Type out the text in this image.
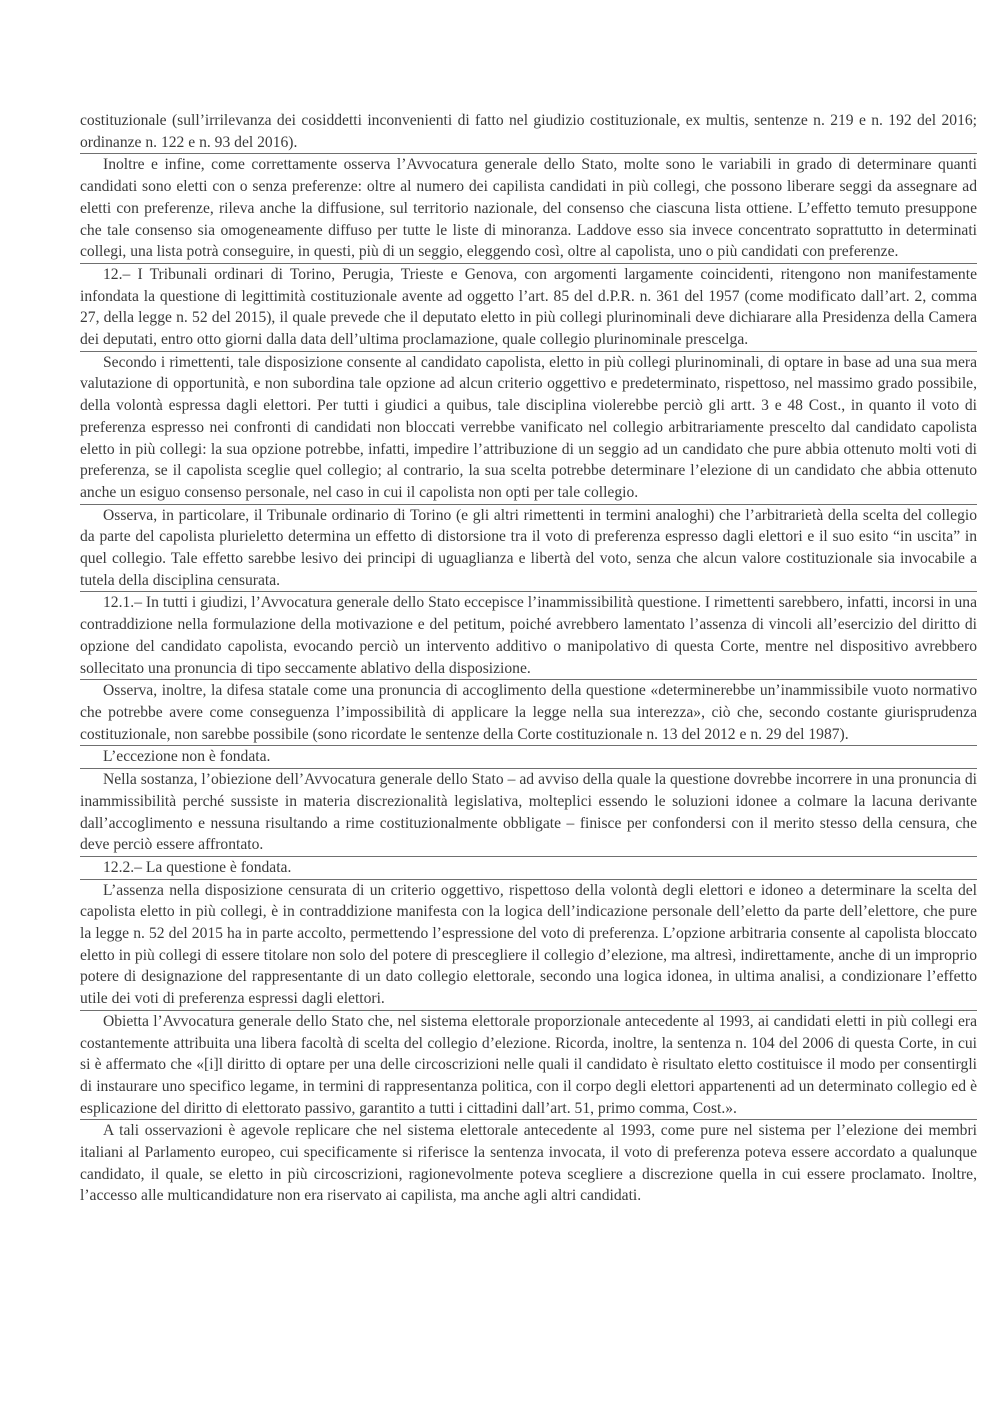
costituzionale (sull’irrilevanza dei cosiddetti inconvenienti di fatto nel giudizio costituzionale, ex multis, sentenze n. 219 e n. 192 del 2016; ordinanze n. 122 e n. 93 del 2016).

Inoltre e infine, come correttamente osserva l’Avvocatura generale dello Stato, molte sono le variabili in grado di determinare quanti candidati sono eletti con o senza preferenze: oltre al numero dei capilista candidati in più collegi, che possono liberare seggi da assegnare ad eletti con preferenze, rileva anche la diffusione, sul territorio nazionale, del consenso che ciascuna lista ottiene. L’effetto temuto presuppone che tale consenso sia omogeneamente diffuso per tutte le liste di minoranza. Laddove esso sia invece concentrato soprattutto in determinati collegi, una lista potrà conseguire, in questi, più di un seggio, eleggendo così, oltre al capolista, uno o più candidati con preferenze.

12.– I Tribunali ordinari di Torino, Perugia, Trieste e Genova, con argomenti largamente coincidenti, ritengono non manifestamente infondata la questione di legittimità costituzionale avente ad oggetto l’art. 85 del d.P.R. n. 361 del 1957 (come modificato dall’art. 2, comma 27, della legge n. 52 del 2015), il quale prevede che il deputato eletto in più collegi plurinominali deve dichiarare alla Presidenza della Camera dei deputati, entro otto giorni dalla data dell’ultima proclamazione, quale collegio plurinominale prescelga.

Secondo i rimettenti, tale disposizione consente al candidato capolista, eletto in più collegi plurinominali, di optare in base ad una sua mera valutazione di opportunità, e non subordina tale opzione ad alcun criterio oggettivo e predeterminato, rispettoso, nel massimo grado possibile, della volontà espressa dagli elettori. Per tutti i giudici a quibus, tale disciplina violerebbe perciò gli artt. 3 e 48 Cost., in quanto il voto di preferenza espresso nei confronti di candidati non bloccati verrebbe vanificato nel collegio arbitrariamente prescelto dal candidato capolista eletto in più collegi: la sua opzione potrebbe, infatti, impedire l’attribuzione di un seggio ad un candidato che pure abbia ottenuto molti voti di preferenza, se il capolista sceglie quel collegio; al contrario, la sua scelta potrebbe determinare l’elezione di un candidato che abbia ottenuto anche un esiguo consenso personale, nel caso in cui il capolista non opti per tale collegio.

Osserva, in particolare, il Tribunale ordinario di Torino (e gli altri rimettenti in termini analoghi) che l’arbitrarietà della scelta del collegio da parte del capolista plurieletto determina un effetto di distorsione tra il voto di preferenza espresso dagli elettori e il suo esito “in uscita” in quel collegio. Tale effetto sarebbe lesivo dei principi di uguaglianza e libertà del voto, senza che alcun valore costituzionale sia invocabile a tutela della disciplina censurata.

12.1.– In tutti i giudizi, l’Avvocatura generale dello Stato eccepisce l’inammissibilità questione. I rimettenti sarebbero, infatti, incorsi in una contraddizione nella formulazione della motivazione e del petitum, poiché avrebbero lamentato l’assenza di vincoli all’esercizio del diritto di opzione del candidato capolista, evocando perciò un intervento additivo o manipolativo di questa Corte, mentre nel dispositivo avrebbero sollecitato una pronuncia di tipo seccamente ablativo della disposizione.

Osserva, inoltre, la difesa statale come una pronuncia di accoglimento della questione «determinerebbe un’inammissibile vuoto normativo che potrebbe avere come conseguenza l’impossibilità di applicare la legge nella sua interezza», ciò che, secondo costante giurisprudenza costituzionale, non sarebbe possibile (sono ricordate le sentenze della Corte costituzionale n. 13 del 2012 e n. 29 del 1987).

L’eccezione non è fondata.

Nella sostanza, l’obiezione dell’Avvocatura generale dello Stato – ad avviso della quale la questione dovrebbe incorrere in una pronuncia di inammissibilità perché sussiste in materia discrezionalità legislativa, molteplici essendo le soluzioni idonee a colmare la lacuna derivante dall’accoglimento e nessuna risultando a rime costituzionalmente obbligate – finisce per confondersi con il merito stesso della censura, che deve perciò essere affrontato.

12.2.– La questione è fondata.

L’assenza nella disposizione censurata di un criterio oggettivo, rispettoso della volontà degli elettori e idoneo a determinare la scelta del capolista eletto in più collegi, è in contraddizione manifesta con la logica dell’indicazione personale dell’eletto da parte dell’elettore, che pure la legge n. 52 del 2015 ha in parte accolto, permettendo l’espressione del voto di preferenza. L’opzione arbitraria consente al capolista bloccato eletto in più collegi di essere titolare non solo del potere di prescegliere il collegio d’elezione, ma altresì, indirettamente, anche di un improprio potere di designazione del rappresentante di un dato collegio elettorale, secondo una logica idonea, in ultima analisi, a condizionare l’effetto utile dei voti di preferenza espressi dagli elettori.

Obietta l’Avvocatura generale dello Stato che, nel sistema elettorale proporzionale antecedente al 1993, ai candidati eletti in più collegi era costantemente attribuita una libera facoltà di scelta del collegio d’elezione. Ricorda, inoltre, la sentenza n. 104 del 2006 di questa Corte, in cui si è affermato che «[i]l diritto di optare per una delle circoscrizioni nelle quali il candidato è risultato eletto costituisce il modo per consentirgli di instaurare uno specifico legame, in termini di rappresentanza politica, con il corpo degli elettori appartenenti ad un determinato collegio ed è esplicazione del diritto di elettorato passivo, garantito a tutti i cittadini dall’art. 51, primo comma, Cost.».

A tali osservazioni è agevole replicare che nel sistema elettorale antecedente al 1993, come pure nel sistema per l’elezione dei membri italiani al Parlamento europeo, cui specificamente si riferisce la sentenza invocata, il voto di preferenza poteva essere accordato a qualunque candidato, il quale, se eletto in più circoscrizioni, ragionevolmente poteva scegliere a discrezione quella in cui essere proclamato. Inoltre, l’accesso alle multicandidature non era riservato ai capilista, ma anche agli altri candidati.
